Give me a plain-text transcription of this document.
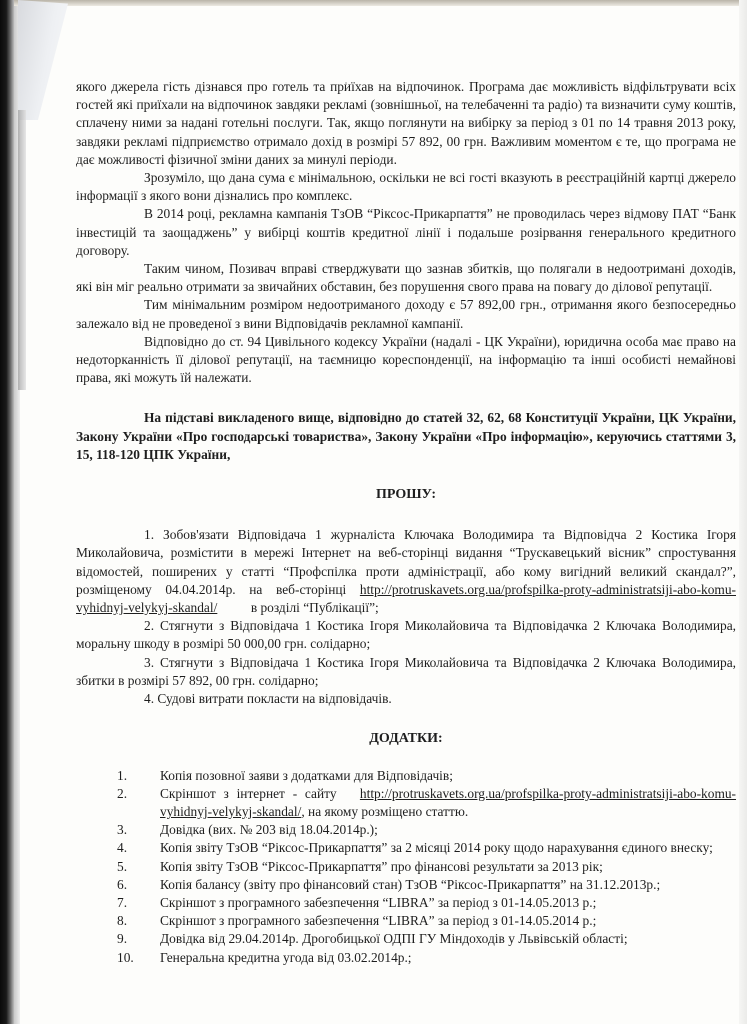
якого джерела гість дізнався про готель та приїхав на відпочинок. Програма дає можливість відфільтрувати всіх гостей які приїхали на відпочинок завдяки рекламі (зовнішньої, на телебаченні та радіо) та визначити суму коштів, сплачену ними за надані готельні послуги. Так, якщо поглянути на вибірку за період з 01 по 14 травня 2013 року, завдяки рекламі підприємство отримало дохід в розмірі 57 892, 00 грн. Важливим моментом є те, що програма не дає можливості фізичної зміни даних за минулі періоди.

Зрозуміло, що дана сума є мінімальною, оскільки не всі гості вказують в реєстраційній картці джерело інформації з якого вони дізнались про комплекс.

В 2014 році, рекламна кампанія ТзОВ “Ріксос-Прикарпаття” не проводилась через відмову ПАТ “Банк інвестицій та заощаджень” у вибірці коштів кредитної лінії і подальше розірвання генерального кредитного договору.

Таким чином, Позивач вправі стверджувати що зазнав збитків, що полягали в недоотримані доходів, які він міг реально отримати за звичайних обставин, без порушення свого права на повагу до ділової репутації.

Тим мінімальним розміром недоотриманого доходу є 57 892,00 грн., отримання якого безпосередньо залежало від не проведеної з вини Відповідачів рекламної кампанії.

Відповідно до ст. 94 Цивільного кодексу України (надалі - ЦК України), юридична особа має право на недоторканність її ділової репутації, на таємницю кореспонденції, на інформацію та інші особисті немайнові права, які можуть їй належати.

На підставі викладеного вище, відповідно до статей 32, 62, 68 Конституції України, ЦК України, Закону України «Про господарські товариства», Закону України «Про інформацію», керуючись статтями 3, 15, 118-120 ЦПК України,

ПРОШУ:

1. Зобов'язати Відповідача 1 журналіста Ключака Володимира та Відповідча 2 Костика Ігоря Миколайовича, розмістити в мережі Інтернет на веб-сторінці видання “Трускавецький вісник” спростування відомостей, поширених у статті “Профспілка проти адміністрації, або кому вигідний великий скандал?”, розміщеному 04.04.2014р. на веб-сторінці http://protruskavets.org.ua/profspilka-proty-administratsiji-abo-komu-vyhidnyj-velykyj-skandal/ в розділі “Публікації”;

2. Стягнути з Відповідача 1 Костика Ігоря Миколайовича та Відповідачка 2 Ключака Володимира, моральну шкоду в розмірі 50 000,00 грн. солідарно;

3. Стягнути з Відповідача 1 Костика Ігоря Миколайовича та Відповідачка 2 Ключака Володимира, збитки в розмірі 57 892, 00 грн. солідарно;

4. Судові витрати покласти на відповідачів.

ДОДАТКИ:

1. Копія позовної заяви з додатками для Відповідачів;
2. Скріншот з інтернет - сайту http://protruskavets.org.ua/profspilka-proty-administratsiji-abo-komu-vyhidnyj-velykyj-skandal/, на якому розміщено статтю.
3. Довідка (вих. № 203 від 18.04.2014р.);
4. Копія звіту ТзОВ “Ріксос-Прикарпаття” за 2 місяці 2014 року щодо нарахування єдиного внеску;
5. Копія звіту ТзОВ “Ріксос-Прикарпаття” про фінансові результати за 2013 рік;
6. Копія балансу (звіту про фінансовий стан) ТзОВ “Ріксос-Прикарпаття” на 31.12.2013р.;
7. Скріншот з програмного забезпечення “LIBRA” за період з 01-14.05.2013 р.;
8. Скріншот з програмного забезпечення “LIBRA” за період з 01-14.05.2014 р.;
9. Довідка від 29.04.2014р. Дрогобицької ОДПІ ГУ Міндоходів у Львівській області;
10. Генеральна кредитна угода від 03.02.2014р.;
